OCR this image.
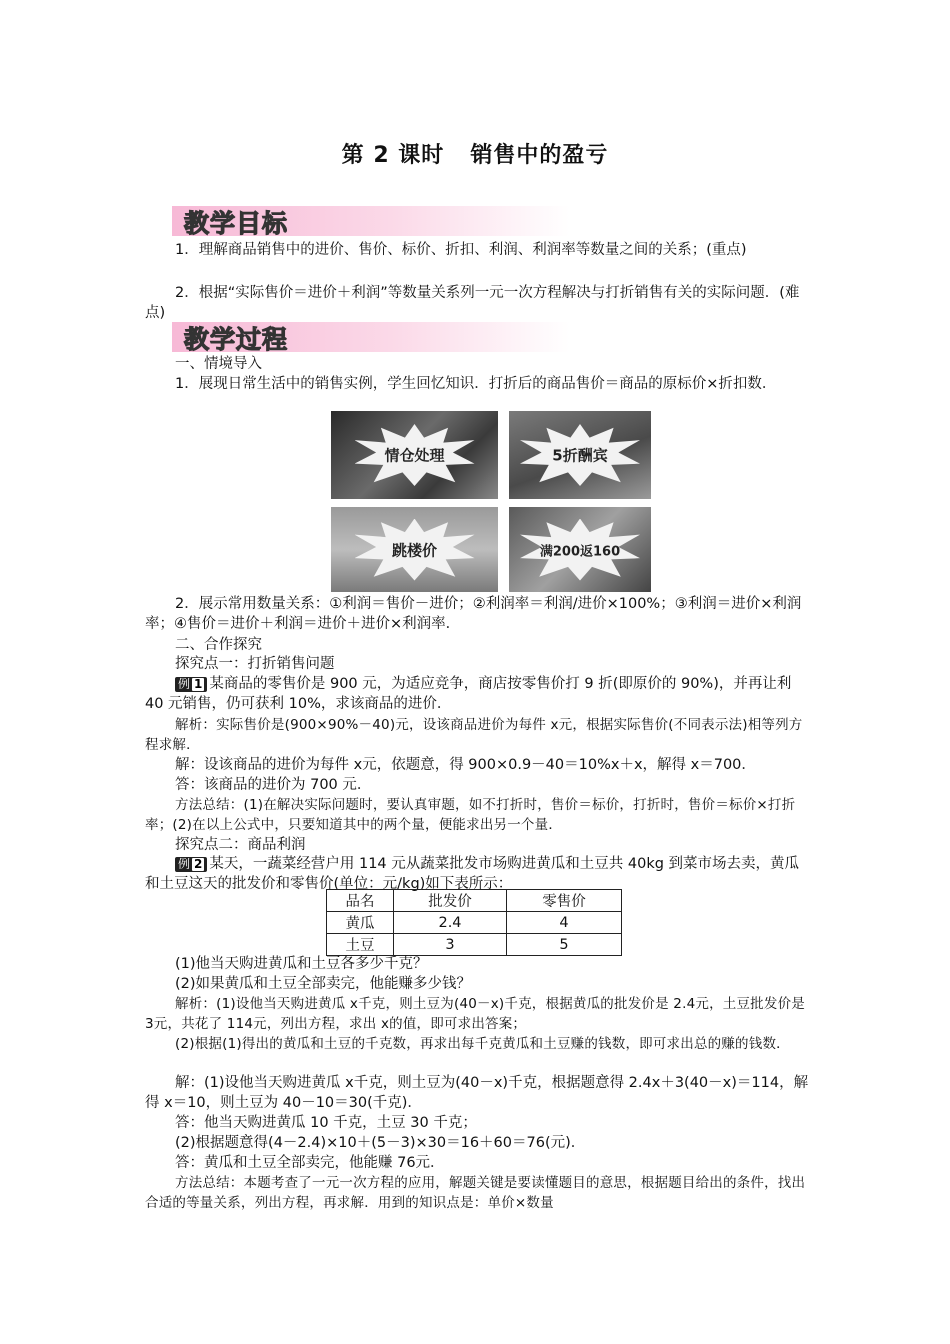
第 2 课时 销售中的盈亏
教学目标
1．理解商品销售中的进价、售价、标价、折扣、利润、利润率等数量之间的关系；(重点)
2．根据“实际售价＝进价＋利润”等数量关系列一元一次方程解决与打折销售有关的实际问题．(难点)
教学过程
一、情境导入
1．展现日常生活中的销售实例，学生回忆知识．打折后的商品售价＝商品的原标价×折扣数．
情仓处理	5折酬宾
跳楼价	满200返160
2．展示常用数量关系：①利润＝售价－进价；②利润率＝利润/进价×100%；③利润＝进价×利润率；④售价＝进价＋利润＝进价＋进价×利润率．
二、合作探究
探究点一：打折销售问题
例 1 某商品的零售价是 900 元，为适应竞争，商店按零售价打 9 折(即原价的 90%)，并再让利 40 元销售，仍可获利 10%，求该商品的进价．
解析：实际售价是(900×90%－40)元，设该商品进价为每件 x元，根据实际售价(不同表示法)相等列方程求解．
解：设该商品的进价为每件 x元，依题意，得 900×0.9－40＝10%x＋x，解得 x＝700．
答：该商品的进价为 700 元．
方法总结：(1)在解决实际问题时，要认真审题，如不打折时，售价＝标价，打折时，售价＝标价×打折率；(2)在以上公式中，只要知道其中的两个量，便能求出另一个量．
探究点二：商品利润
例 2 某天，一蔬菜经营户用 114 元从蔬菜批发市场购进黄瓜和土豆共 40kg 到菜市场去卖，黄瓜和土豆这天的批发价和零售价(单位：元/kg)如下表所示：
品名	批发价	零售价
黄瓜	2.4	4
土豆	3	5
(1)他当天购进黄瓜和土豆各多少千克？
(2)如果黄瓜和土豆全部卖完，他能赚多少钱？
解析：(1)设他当天购进黄瓜 x千克，则土豆为(40－x)千克，根据黄瓜的批发价是 2.4元，土豆批发价是 3元，共花了 114元，列出方程，求出 x的值，即可求出答案；
(2)根据(1)得出的黄瓜和土豆的千克数，再求出每千克黄瓜和土豆赚的钱数，即可求出总的赚的钱数．
解：(1)设他当天购进黄瓜 x千克，则土豆为(40－x)千克，根据题意得 2.4x＋3(40－x)＝114，解得 x＝10，则土豆为 40－10＝30(千克)．
答：他当天购进黄瓜 10 千克，土豆 30 千克；
(2)根据题意得(4－2.4)×10＋(5－3)×30＝16＋60＝76(元)．
答：黄瓜和土豆全部卖完，他能赚 76元．
方法总结：本题考查了一元一次方程的应用，解题关键是要读懂题目的意思，根据题目给出的条件，找出合适的等量关系，列出方程，再求解．用到的知识点是：单价×数量
